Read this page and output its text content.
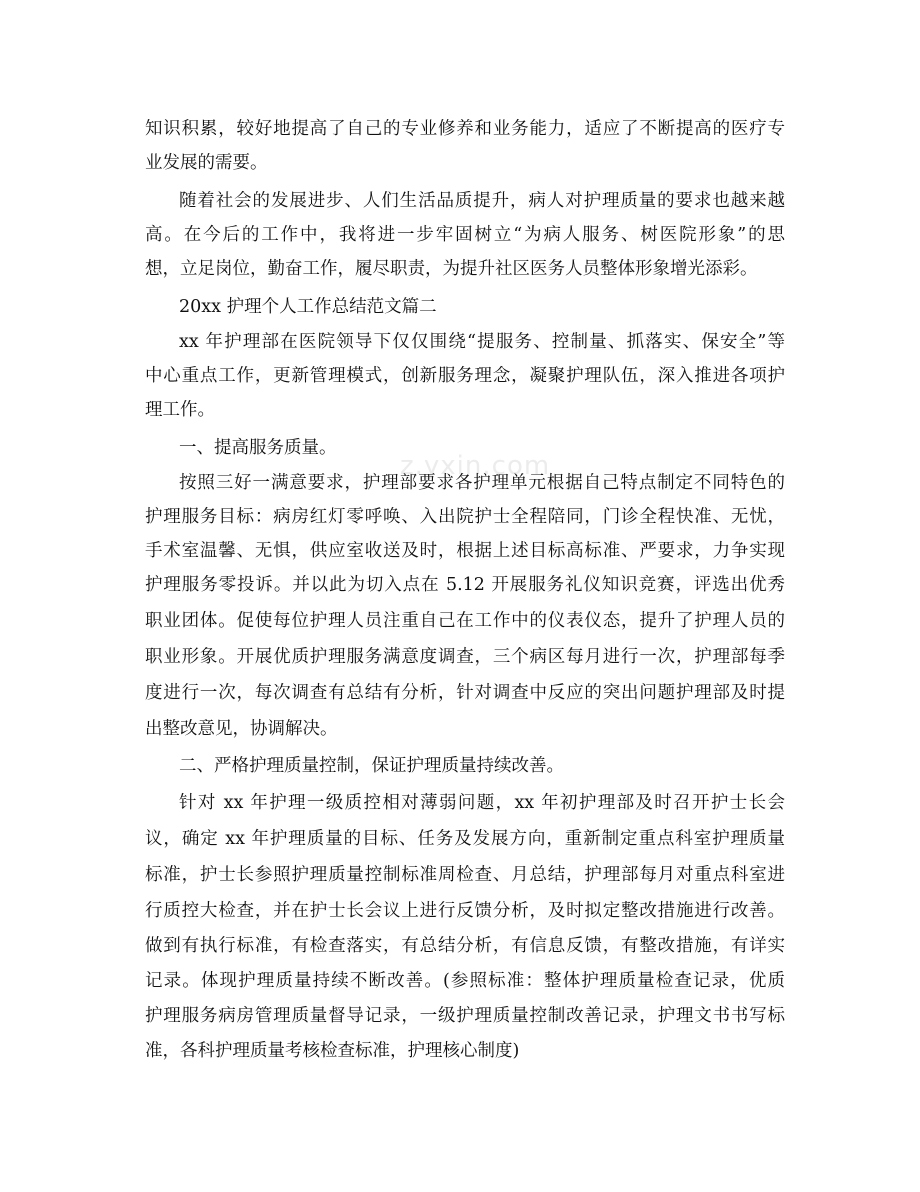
z.yxin.com
知识积累，较好地提高了自己的专业修养和业务能力，适应了不断提高的医疗专
业发展的需要。
随着社会的发展进步、人们生活品质提升，病人对护理质量的要求也越来越
高。在今后的工作中，我将进一步牢固树立“为病人服务、树医院形象”的思
想，立足岗位，勤奋工作，履尽职责，为提升社区医务人员整体形象增光添彩。
20xx 护理个人工作总结范文篇二
xx 年护理部在医院领导下仅仅围绕“提服务、控制量、抓落实、保安全”等
中心重点工作，更新管理模式，创新服务理念，凝聚护理队伍，深入推进各项护
理工作。
一、提高服务质量。
按照三好一满意要求，护理部要求各护理单元根据自己特点制定不同特色的
护理服务目标：病房红灯零呼唤、入出院护士全程陪同，门诊全程快准、无忧，
手术室温馨、无惧，供应室收送及时，根据上述目标高标准、严要求，力争实现
护理服务零投诉。并以此为切入点在 5.12 开展服务礼仪知识竞赛，评选出优秀
职业团体。促使每位护理人员注重自己在工作中的仪表仪态，提升了护理人员的
职业形象。开展优质护理服务满意度调查，三个病区每月进行一次，护理部每季
度进行一次，每次调查有总结有分析，针对调查中反应的突出问题护理部及时提
出整改意见，协调解决。
二、严格护理质量控制，保证护理质量持续改善。
针对 xx 年护理一级质控相对薄弱问题，xx 年初护理部及时召开护士长会
议，确定 xx 年护理质量的目标、任务及发展方向，重新制定重点科室护理质量
标准，护士长参照护理质量控制标准周检查、月总结，护理部每月对重点科室进
行质控大检查，并在护士长会议上进行反馈分析，及时拟定整改措施进行改善。
做到有执行标准，有检查落实，有总结分析，有信息反馈，有整改措施，有详实
记录。体现护理质量持续不断改善。(参照标准：整体护理质量检查记录，优质
护理服务病房管理质量督导记录，一级护理质量控制改善记录，护理文书书写标
准，各科护理质量考核检查标准，护理核心制度)
